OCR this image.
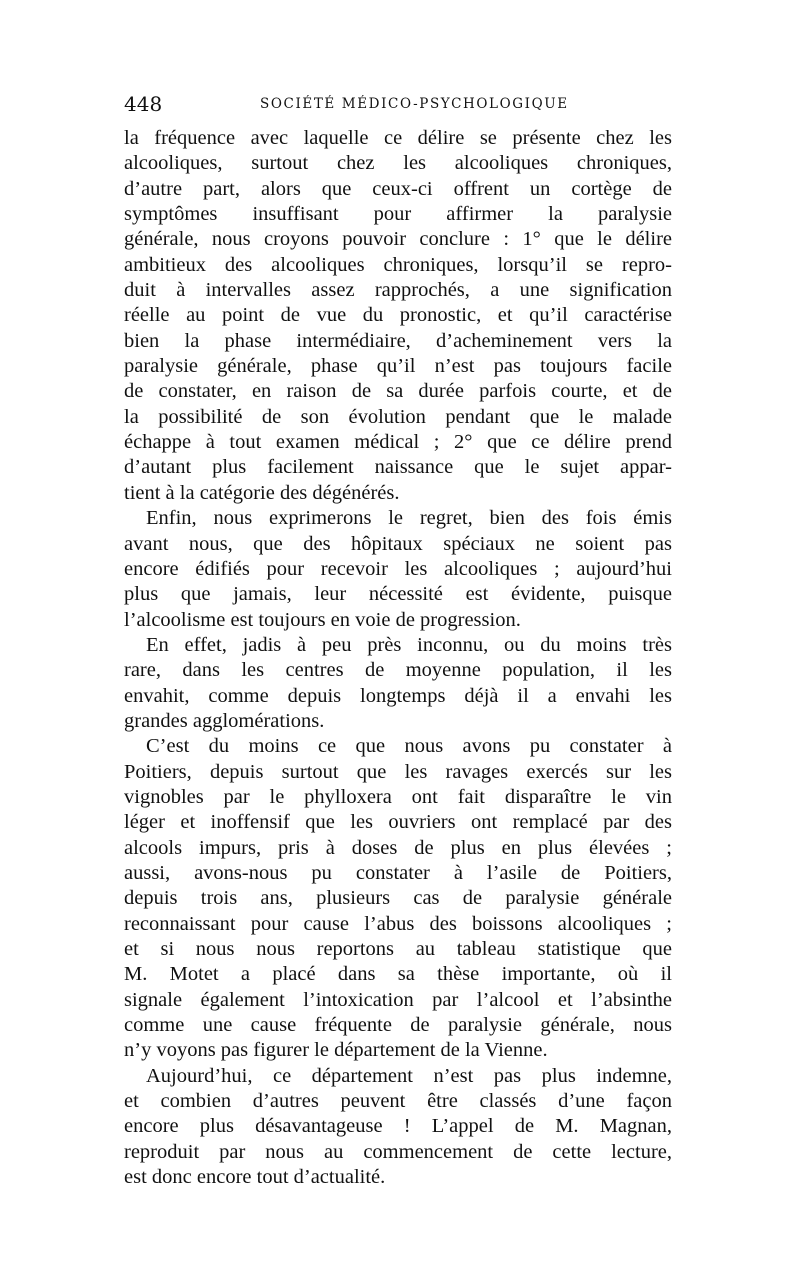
448	SOCIÉTÉ MÉDICO-PSYCHOLOGIQUE
la fréquence avec laquelle ce délire se présente chez les
alcooliques, surtout chez les alcooliques chroniques,
d’autre part, alors que ceux-ci offrent un cortège de
symptômes insuffisant pour affirmer la paralysie
générale, nous croyons pouvoir conclure : 1° que le délire
ambitieux des alcooliques chroniques, lorsqu’il se repro-
duit à intervalles assez rapprochés, a une signification
réelle au point de vue du pronostic, et qu’il caractérise
bien la phase intermédiaire, d’acheminement vers la
paralysie générale, phase qu’il n’est pas toujours facile
de constater, en raison de sa durée parfois courte, et de
la possibilité de son évolution pendant que le malade
échappe à tout examen médical ; 2° que ce délire prend
d’autant plus facilement naissance que le sujet appar-
tient à la catégorie des dégénérés.
Enfin, nous exprimerons le regret, bien des fois émis
avant nous, que des hôpitaux spéciaux ne soient pas
encore édifiés pour recevoir les alcooliques ; aujourd’hui
plus que jamais, leur nécessité est évidente, puisque
l’alcoolisme est toujours en voie de progression.
En effet, jadis à peu près inconnu, ou du moins très
rare, dans les centres de moyenne population, il les
envahit, comme depuis longtemps déjà il a envahi les
grandes agglomérations.
C’est du moins ce que nous avons pu constater à
Poitiers, depuis surtout que les ravages exercés sur les
vignobles par le phylloxera ont fait disparaître le vin
léger et inoffensif que les ouvriers ont remplacé par des
alcools impurs, pris à doses de plus en plus élevées ;
aussi, avons-nous pu constater à l’asile de Poitiers,
depuis trois ans, plusieurs cas de paralysie générale
reconnaissant pour cause l’abus des boissons alcooliques ;
et si nous nous reportons au tableau statistique que
M. Motet a placé dans sa thèse importante, où il
signale également l’intoxication par l’alcool et l’absinthe
comme une cause fréquente de paralysie générale, nous
n’y voyons pas figurer le département de la Vienne.
Aujourd’hui, ce département n’est pas plus indemne,
et combien d’autres peuvent être classés d’une façon
encore plus désavantageuse ! L’appel de M. Magnan,
reproduit par nous au commencement de cette lecture,
est donc encore tout d’actualité.
